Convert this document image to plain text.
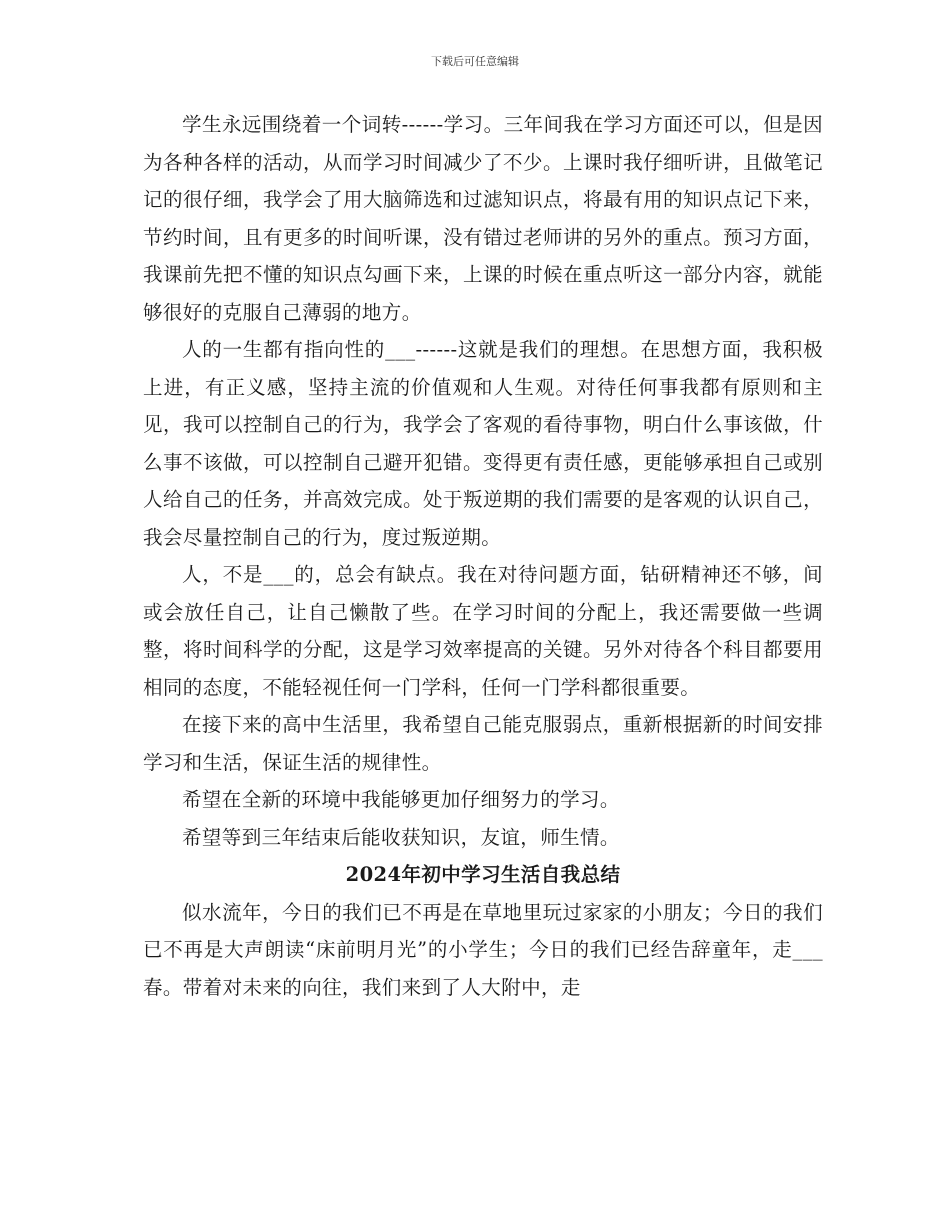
下载后可任意编辑

学生永远围绕着一个词转------学习。三年间我在学习方面还可以，但是因为各种各样的活动，从而学习时间减少了不少。上课时我仔细听讲，且做笔记记的很仔细，我学会了用大脑筛选和过滤知识点，将最有用的知识点记下来，节约时间，且有更多的时间听课，没有错过老师讲的另外的重点。预习方面，我课前先把不懂的知识点勾画下来，上课的时候在重点听这一部分内容，就能够很好的克服自己薄弱的地方。

人的一生都有指向性的___------这就是我们的理想。在思想方面，我积极上进，有正义感，坚持主流的价值观和人生观。对待任何事我都有原则和主见，我可以控制自己的行为，我学会了客观的看待事物，明白什么事该做，什么事不该做，可以控制自己避开犯错。变得更有责任感，更能够承担自己或别人给自己的任务，并高效完成。处于叛逆期的我们需要的是客观的认识自己，我会尽量控制自己的行为，度过叛逆期。

人，不是___的，总会有缺点。我在对待问题方面，钻研精神还不够，间或会放任自己，让自己懒散了些。在学习时间的分配上，我还需要做一些调整，将时间科学的分配，这是学习效率提高的关键。另外对待各个科目都要用相同的态度，不能轻视任何一门学科，任何一门学科都很重要。

在接下来的高中生活里，我希望自己能克服弱点，重新根据新的时间安排学习和生活，保证生活的规律性。

希望在全新的环境中我能够更加仔细努力的学习。

希望等到三年结束后能收获知识，友谊，师生情。

2024年初中学习生活自我总结

似水流年，今日的我们已不再是在草地里玩过家家的小朋友；今日的我们已不再是大声朗读“床前明月光”的小学生；今日的我们已经告辞童年，走___春。带着对未来的向往，我们来到了人大附中，走
